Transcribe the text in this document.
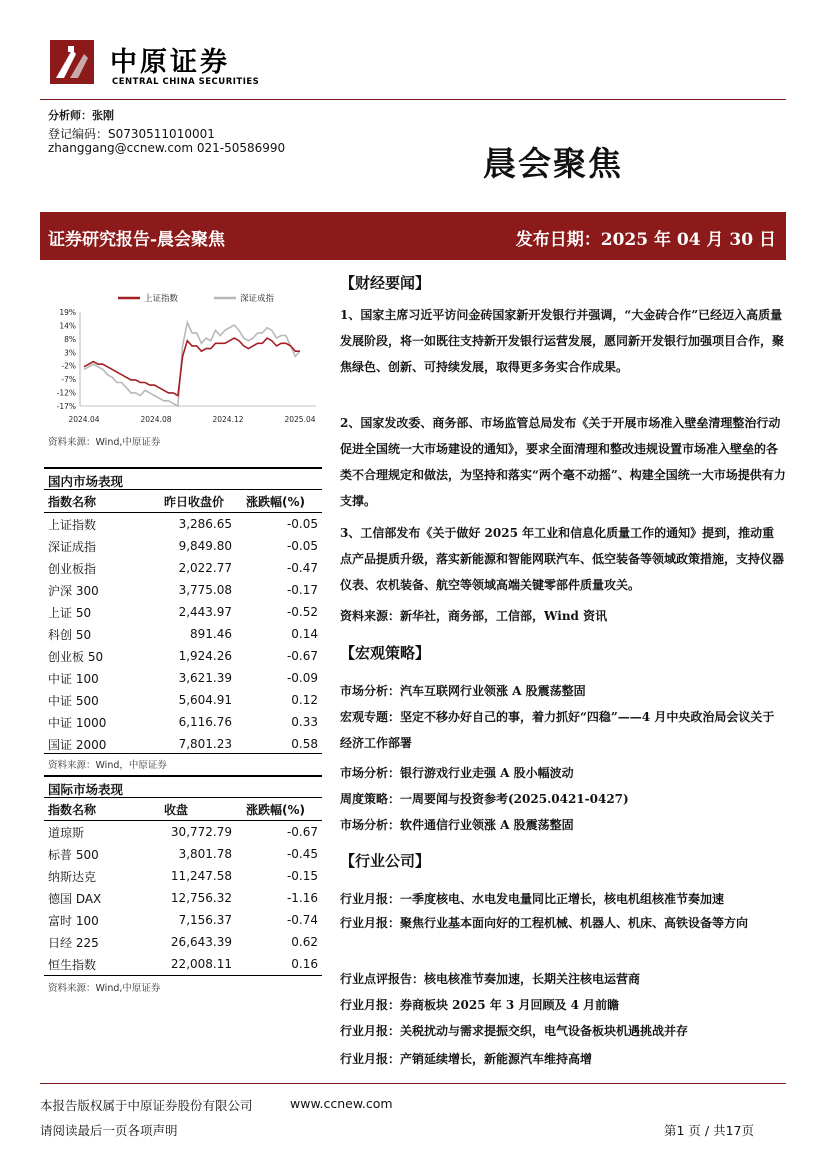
中原证券
CENTRAL CHINA SECURITIES
分析师：张刚
登记编码：S0730511010001
zhanggang@ccnew.com 021-50586990	晨会聚焦
证券研究报告-晨会聚焦	发布日期：2025 年 04 月 30 日
19%
14%
8%
3%
-2%
-7%
-12%
-17%
2024.04	2024.08	2024.12	2025.04
上证指数	深证成指
资料来源：Wind,中原证券
国内市场表现
指数名称	昨日收盘价	涨跌幅(%)
上证指数	3,286.65	-0.05
深证成指	9,849.80	-0.05
创业板指	2,022.77	-0.47
沪深 300	3,775.08	-0.17
上证 50	2,443.97	-0.52
科创 50	891.46	0.14
创业板 50	1,924.26	-0.67
中证 100	3,621.39	-0.09
中证 500	5,604.91	0.12
中证 1000	6,116.76	0.33
国证 2000	7,801.23	0.58
资料来源：Wind，中原证券
国际市场表现
指数名称	收盘	涨跌幅(%)
道琼斯	30,772.79	-0.67
标普 500	3,801.78	-0.45
纳斯达克	11,247.58	-0.15
德国 DAX	12,756.32	-1.16
富时 100	7,156.37	-0.74
日经 225	26,643.39	0.62
恒生指数	22,008.11	0.16
资料来源：Wind,中原证券
【财经要闻】
1、国家主席习近平访问金砖国家新开发银行并强调，“大金砖合作”已经迈入高质量发展阶段，将一如既往支持新开发银行运营发展，愿同新开发银行加强项目合作，聚焦绿色、创新、可持续发展，取得更多务实合作成果。
2、国家发改委、商务部、市场监管总局发布《关于开展市场准入壁垒清理整治行动 促进全国统一大市场建设的通知》，要求全面清理和整改违规设置市场准入壁垒的各类不合理规定和做法，为坚持和落实“两个毫不动摇”、构建全国统一大市场提供有力支撑。
3、工信部发布《关于做好 2025 年工业和信息化质量工作的通知》提到，推动重点产品提质升级，落实新能源和智能网联汽车、低空装备等领域政策措施，支持仪器仪表、农机装备、航空等领域高端关键零部件质量攻关。
资料来源：新华社，商务部，工信部，Wind 资讯
【宏观策略】
市场分析：汽车互联网行业领涨 A 股震荡整固
宏观专题：坚定不移办好自己的事，着力抓好“四稳”——4 月中央政治局会议关于经济工作部署
市场分析：银行游戏行业走强 A 股小幅波动
周度策略：一周要闻与投资参考(2025.0421-0427)
市场分析：软件通信行业领涨 A 股震荡整固
【行业公司】
行业月报：一季度核电、水电发电量同比正增长，核电机组核准节奏加速
行业月报：聚焦行业基本面向好的工程机械、机器人、机床、高铁设备等方向
行业点评报告：核电核准节奏加速，长期关注核电运营商
行业月报：券商板块 2025 年 3 月回顾及 4 月前瞻
行业月报：关税扰动与需求提振交织，电气设备板块机遇挑战并存
行业月报：产销延续增长，新能源汽车维持高增
本报告版权属于中原证券股份有限公司	www.ccnew.com
请阅读最后一页各项声明	第1 页 / 共17页
